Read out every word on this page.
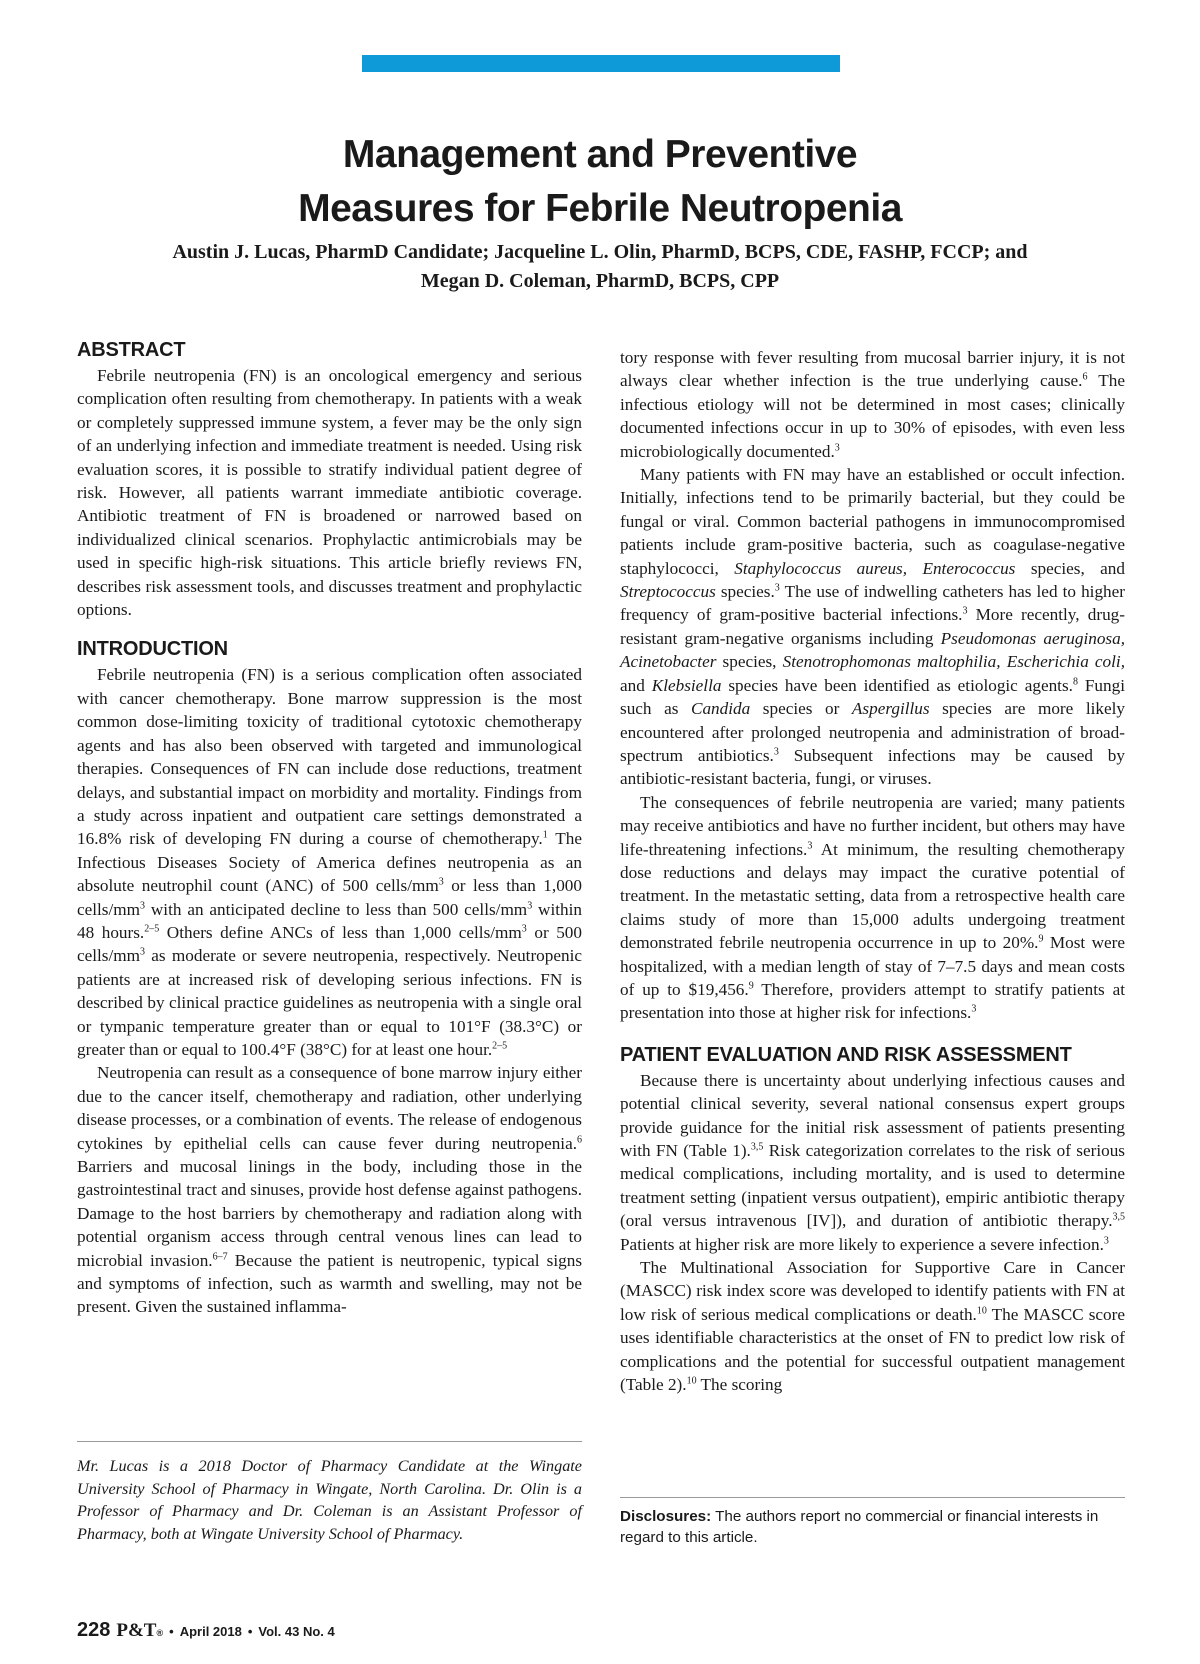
Management and Preventive
Measures for Febrile Neutropenia
Austin J. Lucas, PharmD Candidate; Jacqueline L. Olin, PharmD, BCPS, CDE, FASHP, FCCP; and
Megan D. Coleman, PharmD, BCPS, CPP
ABSTRACT

Febrile neutropenia (FN) is an oncological emergency and serious complication often resulting from chemotherapy. In patients with a weak or completely suppressed immune system, a fever may be the only sign of an underlying infection and immediate treatment is needed. Using risk evaluation scores, it is possible to stratify individual patient degree of risk. However, all patients warrant immediate antibiotic coverage. Antibiotic treatment of FN is broadened or narrowed based on individualized clinical scenarios. Prophylactic antimicrobials may be used in specific high-risk situations. This article briefly reviews FN, describes risk assessment tools, and discusses treatment and prophylactic options.

INTRODUCTION

Febrile neutropenia (FN) is a serious complication often associated with cancer chemotherapy. Bone marrow suppression is the most common dose-limiting toxicity of traditional cytotoxic chemotherapy agents and has also been observed with targeted and immunological therapies. Consequences of FN can include dose reductions, treatment delays, and substantial impact on morbidity and mortality. Findings from a study across inpatient and outpatient care settings demonstrated a 16.8% risk of developing FN during a course of chemotherapy.$^1$ The Infectious Diseases Society of America defines neutropenia as an absolute neutrophil count (ANC) of 500 cells/$mm^3$ or less than 1,000 cells/$mm^3$ with an anticipated decline to less than 500 cells/$mm^3$ within 48 hours.$^{2-5}$ Others define ANCs of less than 1,000 cells/$mm^3$ or 500 cells/$mm^3$ as moderate or severe neutropenia, respectively. Neutropenic patients are at increased risk of developing serious infections. FN is described by clinical practice guidelines as neutropenia with a single oral or tympanic temperature greater than or equal to 101°F (38.3°C) or greater than or equal to 100.4°F (38°C) for at least one hour.$^{2-5}$

Neutropenia can result as a consequence of bone marrow injury either due to the cancer itself, chemotherapy and radiation, other underlying disease processes, or a combination of events. The release of endogenous cytokines by epithelial cells can cause fever during neutropenia.$^6$ Barriers and mucosal linings in the body, including those in the gastrointestinal tract and sinuses, provide host defense against pathogens. Damage to the host barriers by chemotherapy and radiation along with potential organism access through central venous lines can lead to microbial invasion.$^{6-7}$ Because the patient is neutropenic, typical signs and symptoms of infection, such as warmth and swelling, may not be present. Given the sustained inflamma-

Mr. Lucas is a 2018 Doctor of Pharmacy Candidate at the Wingate University School of Pharmacy in Wingate, North Carolina. Dr. Olin is a Professor of Pharmacy and Dr. Coleman is an Assistant Professor of Pharmacy, both at Wingate University School of Pharmacy.

tory response with fever resulting from mucosal barrier injury, it is not always clear whether infection is the true underlying cause.$^6$ The infectious etiology will not be determined in most cases; clinically documented infections occur in up to 30% of episodes, with even less microbiologically documented.$^3$

Many patients with FN may have an established or occult infection. Initially, infections tend to be primarily bacterial, but they could be fungal or viral. Common bacterial pathogens in immunocompromised patients include gram-positive bacteria, such as coagulase-negative staphylococci, Staphylococcus aureus, Enterococcus species, and Streptococcus species.$^3$ The use of indwelling catheters has led to higher frequency of gram-positive bacterial infections.$^3$ More recently, drug-resistant gram-negative organisms including Pseudomonas aeruginosa, Acinetobacter species, Stenotrophomonas maltophilia, Escherichia coli, and Klebsiella species have been identified as etiologic agents.$^8$ Fungi such as Candida species or Aspergillus species are more likely encountered after prolonged neutropenia and administration of broad-spectrum antibiotics.$^3$ Subsequent infections may be caused by antibiotic-resistant bacteria, fungi, or viruses.

The consequences of febrile neutropenia are varied; many patients may receive antibiotics and have no further incident, but others may have life-threatening infections.$^3$ At minimum, the resulting chemotherapy dose reductions and delays may impact the curative potential of treatment. In the metastatic setting, data from a retrospective health care claims study of more than 15,000 adults undergoing treatment demonstrated febrile neutropenia occurrence in up to 20%.$^9$ Most were hospitalized, with a median length of stay of 7–7.5 days and mean costs of up to $19,456.$^9$ Therefore, providers attempt to stratify patients at presentation into those at higher risk for infections.$^3$

PATIENT EVALUATION AND RISK ASSESSMENT

Because there is uncertainty about underlying infectious causes and potential clinical severity, several national consensus expert groups provide guidance for the initial risk assessment of patients presenting with FN (Table 1).$^{3,5}$ Risk categorization correlates to the risk of serious medical complications, including mortality, and is used to determine treatment setting (inpatient versus outpatient), empiric antibiotic therapy (oral versus intravenous [IV]), and duration of antibiotic therapy.$^{3,5}$ Patients at higher risk are more likely to experience a severe infection.$^3$

The Multinational Association for Supportive Care in Cancer (MASCC) risk index score was developed to identify patients with FN at low risk of serious medical complications or death.$^{10}$ The MASCC score uses identifiable characteristics at the onset of FN to predict low risk of complications and the potential for successful outpatient management (Table 2).$^{10}$ The scoring

Disclosures: The authors report no commercial or financial interests in regard to this article.
228 P&T® • April 2018 • Vol. 43 No. 4
